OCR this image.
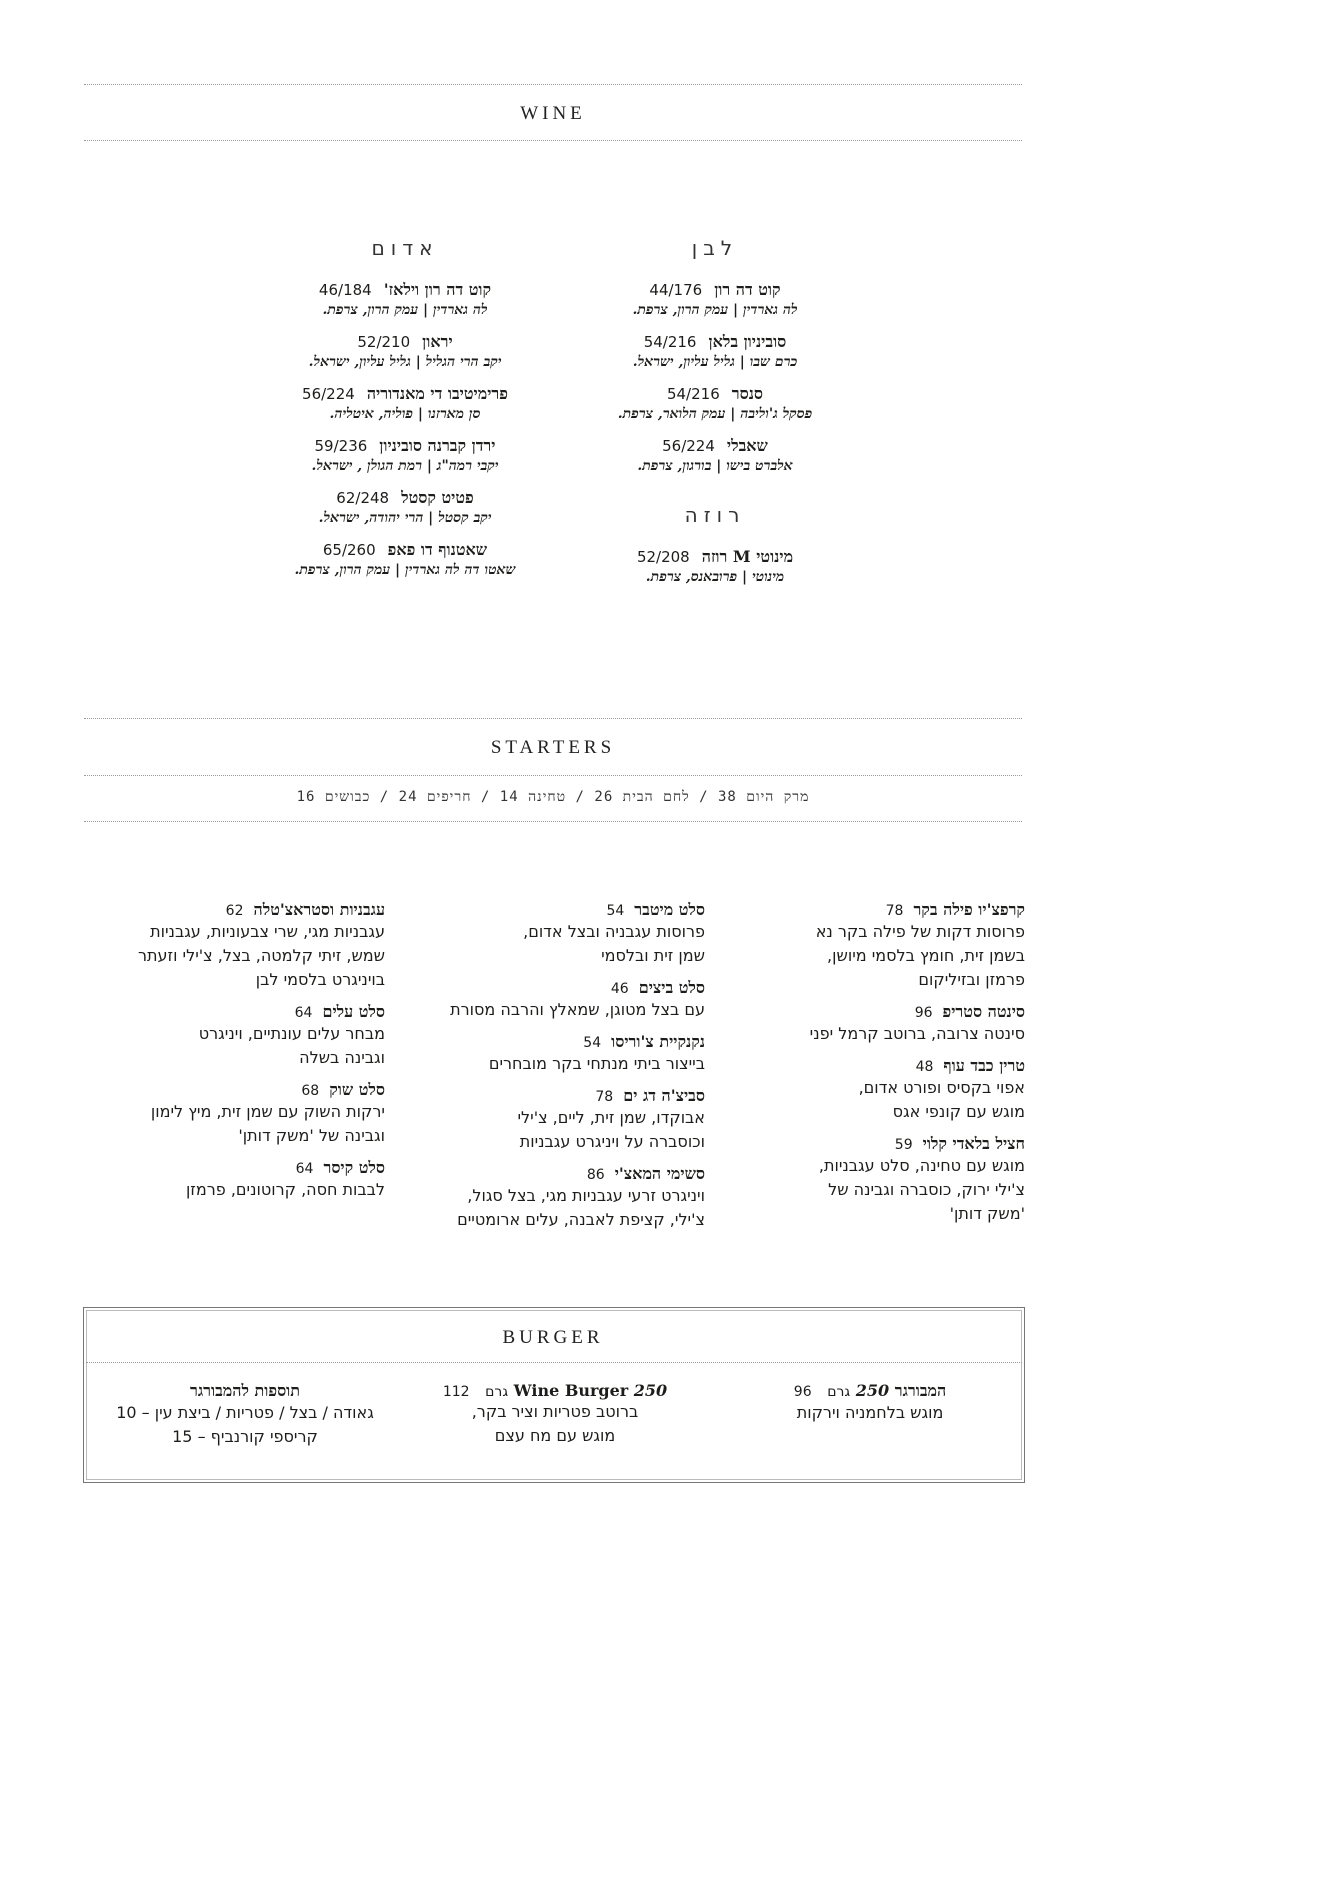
WINE
לבן
קוט דה רון44/176
לה גארדין | עמק הרון, צרפת.
סוביניון בלאן54/216
כרם שבו | גליל עליון, ישראל.
סנסר54/216
פסקל ג'וליבה | עמק הלואר, צרפת.
שאבלי56/224
אלברט בישו | בורגון, צרפת.
רוזה
מינוטי M רוזה52/208
מינוטי | פרובאנס, צרפת.
אדום
קוט דה רון וילאז'46/184
לה גארדין | עמק הרון, צרפת.
יראון52/210
יקב הרי הגליל | גליל עליון, ישראל.
פרימיטיבו די מאנדוריה56/224
סן מארזנו | פוליה, איטליה.
ירדן קברנה סוביניון59/236
יקבי רמה"ג | רמת הגולן , ישראל.
פטיט קסטל62/248
יקב קסטל | הרי יהודה, ישראל.
שאטנוף דו פאפ65/260
שאטו דה לה גארדין | עמק הרון, צרפת.
STARTERS
מרק היום 38 / לחם הבית 26 / טחינה 14 / חריפים 24 / כבושים 16
קרפצ'יו פילה בקר78
פרוסות דקות של פילה בקר נא
בשמן זית, חומץ בלסמי מיושן,
פרמזן ובזיליקום
סינטה סטריפ96
סינטה צרובה, ברוטב קרמל יפני
טרין כבד עוף48
אפוי בקסיס ופורט אדום,
מוגש עם קונפי אגס
חציל בלאדי קלוי59
מוגש עם טחינה, סלט עגבניות,
צ'ילי ירוק, כוסברה וגבינה של
'משק דותן'
סלט מיטבר54
פרוסות עגבניה ובצל אדום,
שמן זית ובלסמי
סלט ביצים46
עם בצל מטוגן, שמאלץ והרבה מסורת
נקנקיית צ'וריסו54
בייצור ביתי מנתחי בקר מובחרים
סביצ'ה דג ים78
אבוקדו, שמן זית, ליים, צ'ילי
וכוסברה על ויניגרט עגבניות
סשימי המאצ'י86
ויניגרט זרעי עגבניות מגי, בצל סגול,
צ'ילי, קציפת לאבנה, עלים ארומטיים
עגבניות וסטראצ'טלה62
עגבניות מגי, שרי צבעוניות, עגבניות
שמש, זיתי קלמטה, בצל, צ'ילי וזעתר
בויניגרט בלסמי לבן
סלט עלים64
מבחר עלים עונתיים, ויניגרט
וגבינה בשלה
סלט שוק68
ירקות השוק עם שמן זית, מיץ לימון
וגבינה של 'משק דותן'
סלט קיסר64
לבבות חסה, קרוטונים, פרמזן
BURGER
המבורגר 250 גרם 96
מוגש בלחמניה וירקות
Wine Burger 250 גרם 112
ברוטב פטריות וציר בקר,
מוגש עם מח עצם
תוספות להמבורגר
גאודה / בצל / פטריות / ביצת עין – 10
קריספי קורנביף – 15
